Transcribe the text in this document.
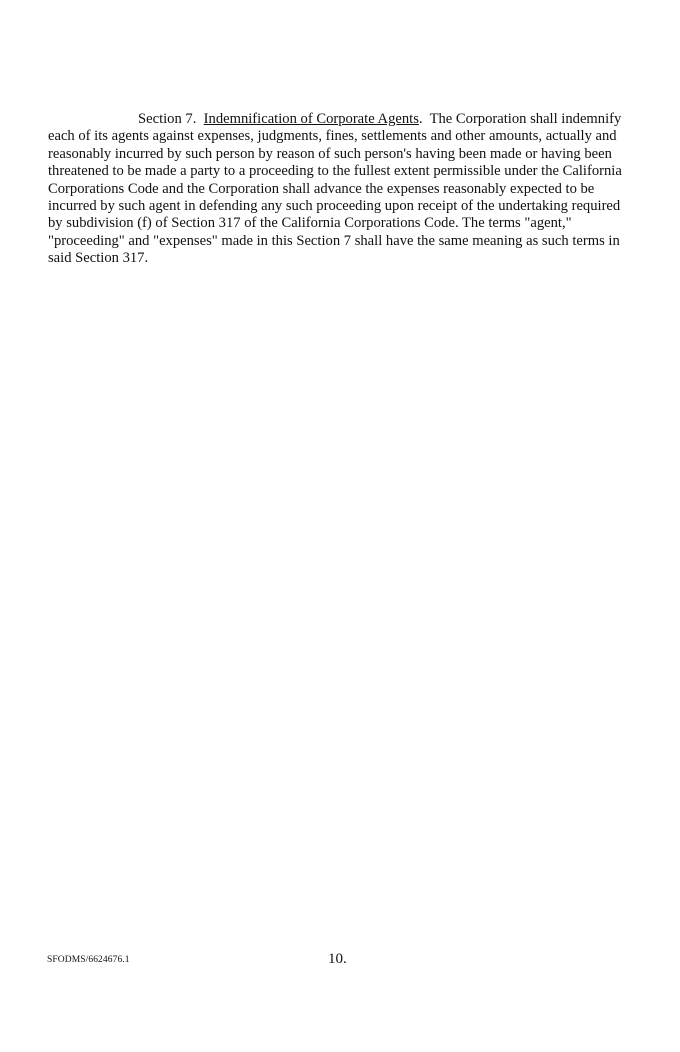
Section 7. Indemnification of Corporate Agents. The Corporation shall indemnify each of its agents against expenses, judgments, fines, settlements and other amounts, actually and reasonably incurred by such person by reason of such person's having been made or having been threatened to be made a party to a proceeding to the fullest extent permissible under the California Corporations Code and the Corporation shall advance the expenses reasonably expected to be incurred by such agent in defending any such proceeding upon receipt of the undertaking required by subdivision (f) of Section 317 of the California Corporations Code. The terms "agent," "proceeding" and "expenses" made in this Section 7 shall have the same meaning as such terms in said Section 317.

SFODMS/6624676.1	10.
